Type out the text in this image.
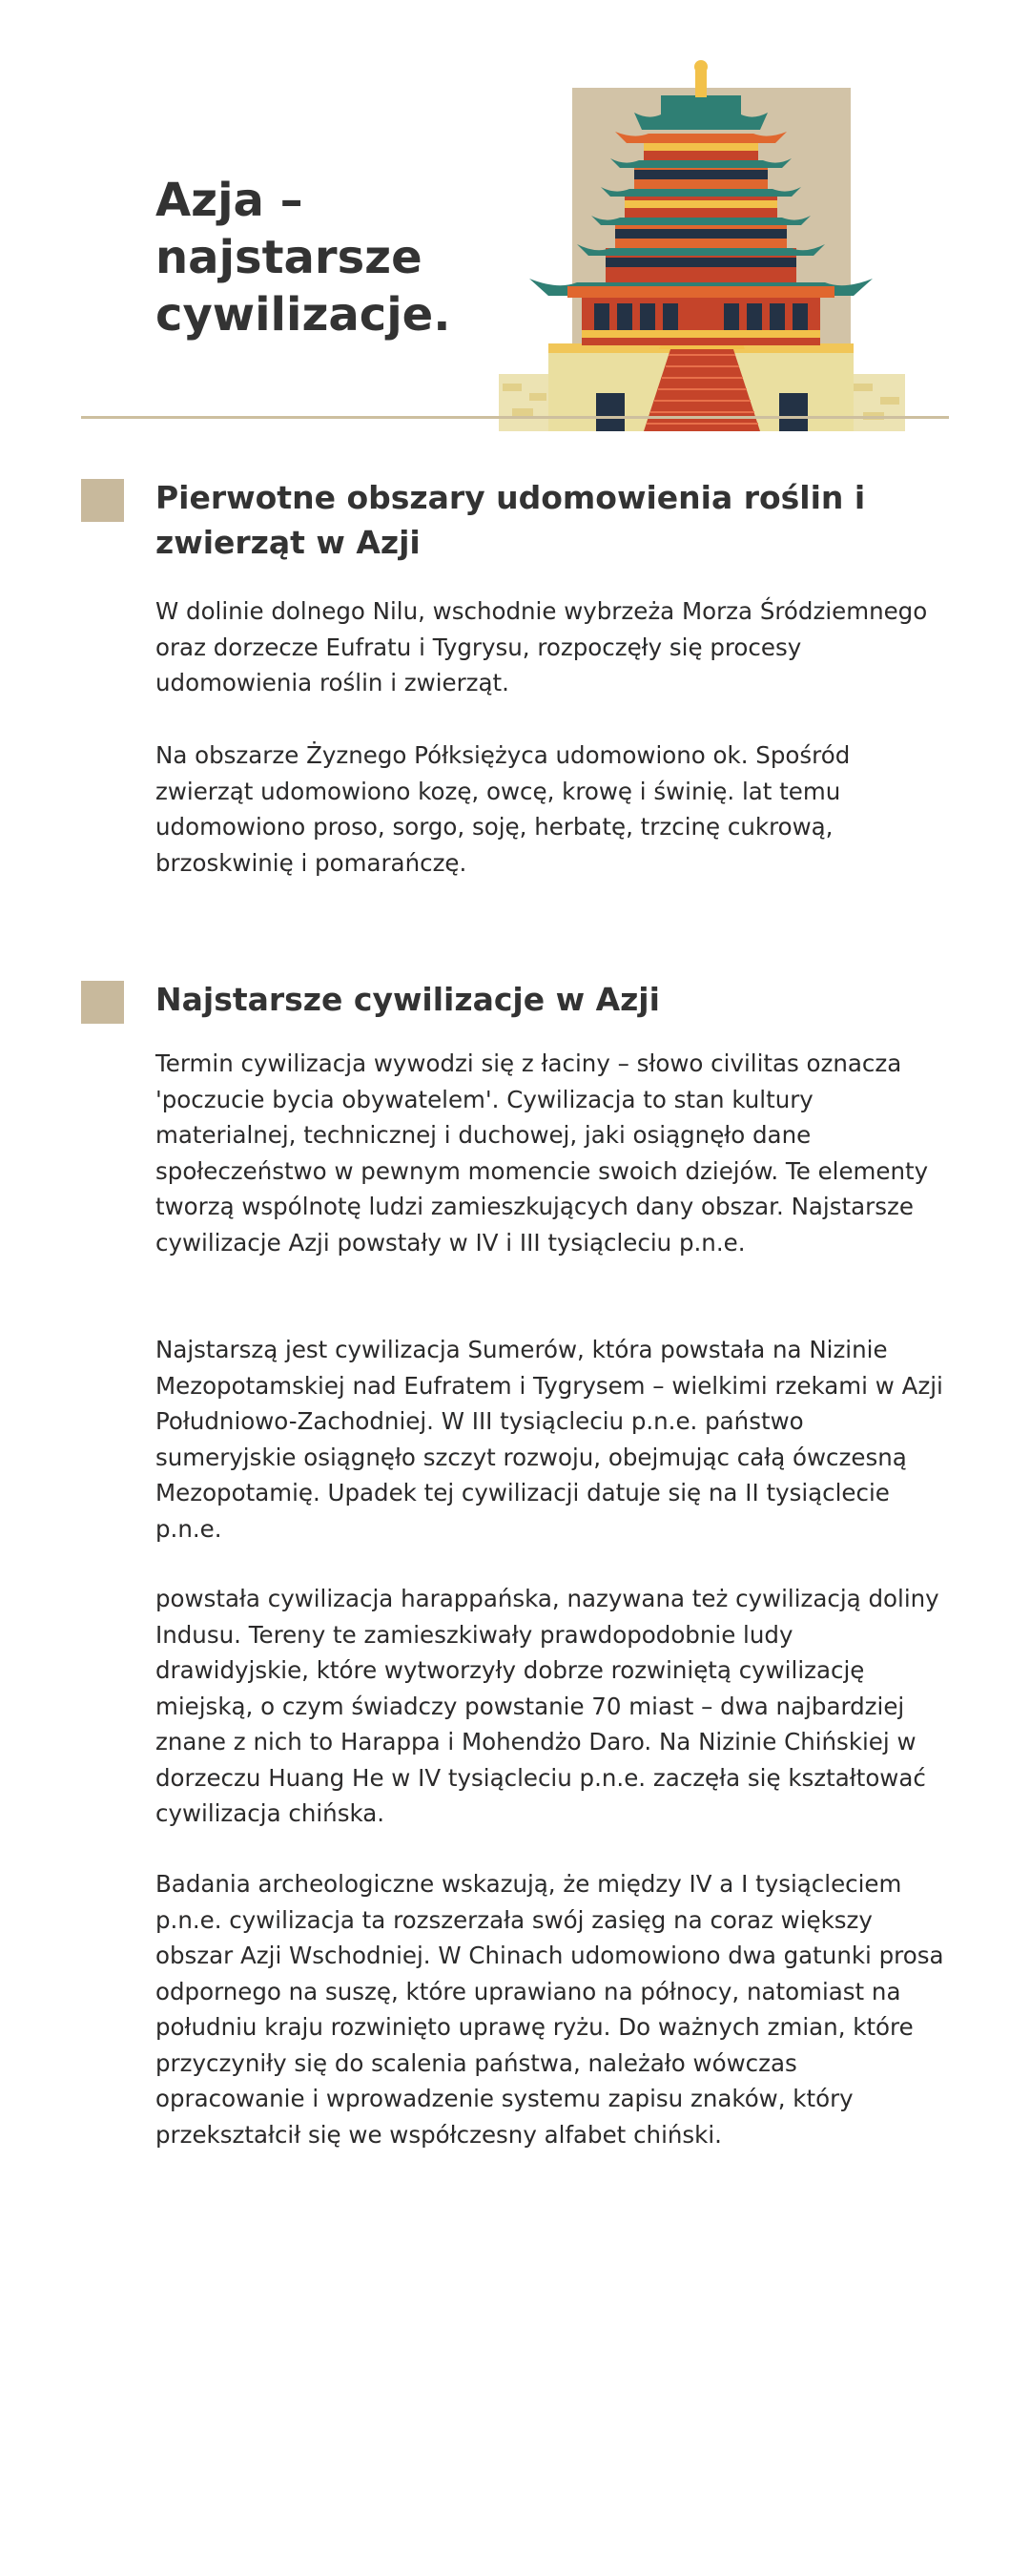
Azja – najstarsze cywilizacje.
Pierwotne obszary udomowienia roślin i zwierząt w Azji

W dolinie dolnego Nilu, wschodnie wybrzeża Morza Śródziemnego oraz dorzecze Eufratu i Tygrysu, rozpoczęły się procesy udomowienia roślin i zwierząt.

Na obszarze Żyznego Półksiężyca udomowiono ok. Spośród zwierząt udomowiono kozę, owcę, krowę i świnię. lat temu udomowiono proso, sorgo, soję, herbatę, trzcinę cukrową, brzoskwinię i pomarańczę.

Najstarsze cywilizacje w Azji

Termin cywilizacja wywodzi się z łaciny – słowo civilitas oznacza 'poczucie bycia obywatelem'. Cywilizacja to stan kultury materialnej, technicznej i duchowej, jaki osiągnęło dane społeczeństwo w pewnym momencie swoich dziejów. Te elementy tworzą wspólnotę ludzi zamieszkujących dany obszar. Najstarsze cywilizacje Azji powstały w IV i III tysiącleciu p.n.e.

Najstarszą jest cywilizacja Sumerów, która powstała na Nizinie Mezopotamskiej nad Eufratem i Tygrysem – wielkimi rzekami w Azji Południowo-Zachodniej. W III tysiącleciu p.n.e. państwo sumeryjskie osiągnęło szczyt rozwoju, obejmując całą ówczesną Mezopotamię. Upadek tej cywilizacji datuje się na II tysiąclecie p.n.e.

powstała cywilizacja harappańska, nazywana też cywilizacją doliny Indusu. Tereny te zamieszkiwały prawdopodobnie ludy drawidyjskie, które wytworzyły dobrze rozwiniętą cywilizację miejską, o czym świadczy powstanie 70 miast – dwa najbardziej znane z nich to Harappa i Mohendżo Daro. Na Nizinie Chińskiej w dorzeczu Huang He w IV tysiącleciu p.n.e. zaczęła się kształtować cywilizacja chińska.

Badania archeologiczne wskazują, że między IV a I tysiącleciem p.n.e. cywilizacja ta rozszerzała swój zasięg na coraz większy obszar Azji Wschodniej. W Chinach udomowiono dwa gatunki prosa odpornego na suszę, które uprawiano na północy, natomiast na południu kraju rozwinięto uprawę ryżu. Do ważnych zmian, które przyczyniły się do scalenia państwa, należało wówczas opracowanie i wprowadzenie systemu zapisu znaków, który przekształcił się we współczesny alfabet chiński.
